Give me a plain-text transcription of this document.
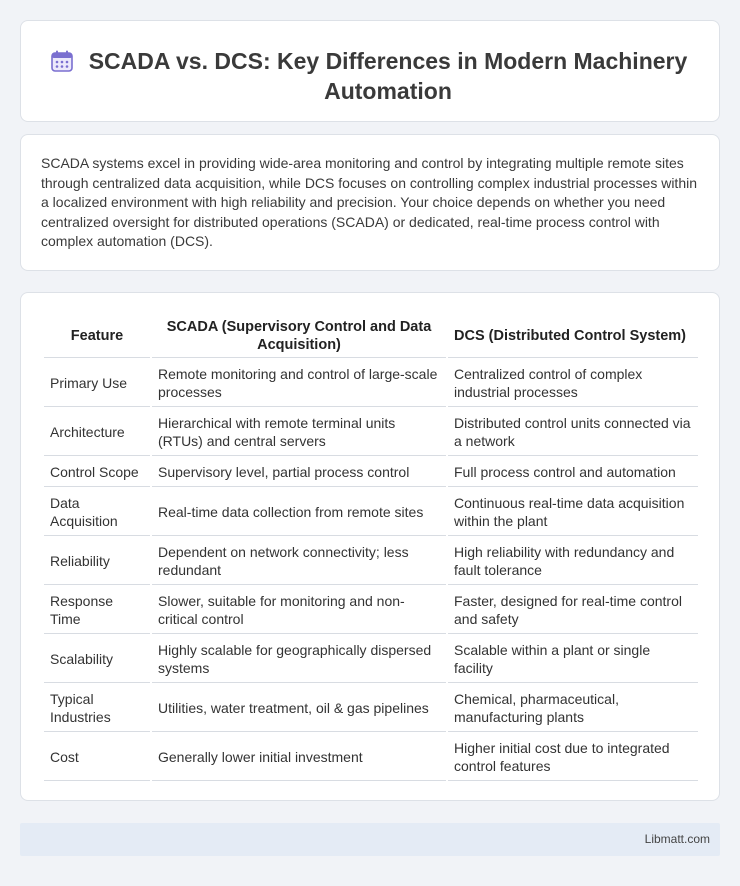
SCADA vs. DCS: Key Differences in Modern Machinery Automation

SCADA systems excel in providing wide-area monitoring and control by integrating multiple remote sites through centralized data acquisition, while DCS focuses on controlling complex industrial processes within a localized environment with high reliability and precision. Your choice depends on whether you need centralized oversight for distributed operations (SCADA) or dedicated, real-time process control with complex automation (DCS).

Feature	SCADA (Supervisory Control and Data Acquisition)	DCS (Distributed Control System)
Primary Use	Remote monitoring and control of large-scale processes	Centralized control of complex industrial processes
Architecture	Hierarchical with remote terminal units (RTUs) and central servers	Distributed control units connected via a network
Control Scope	Supervisory level, partial process control	Full process control and automation
Data Acquisition	Real-time data collection from remote sites	Continuous real-time data acquisition within the plant
Reliability	Dependent on network connectivity; less redundant	High reliability with redundancy and fault tolerance
Response Time	Slower, suitable for monitoring and non-critical control	Faster, designed for real-time control and safety
Scalability	Highly scalable for geographically dispersed systems	Scalable within a plant or single facility
Typical Industries	Utilities, water treatment, oil & gas pipelines	Chemical, pharmaceutical, manufacturing plants
Cost	Generally lower initial investment	Higher initial cost due to integrated control features
Libmatt.com
